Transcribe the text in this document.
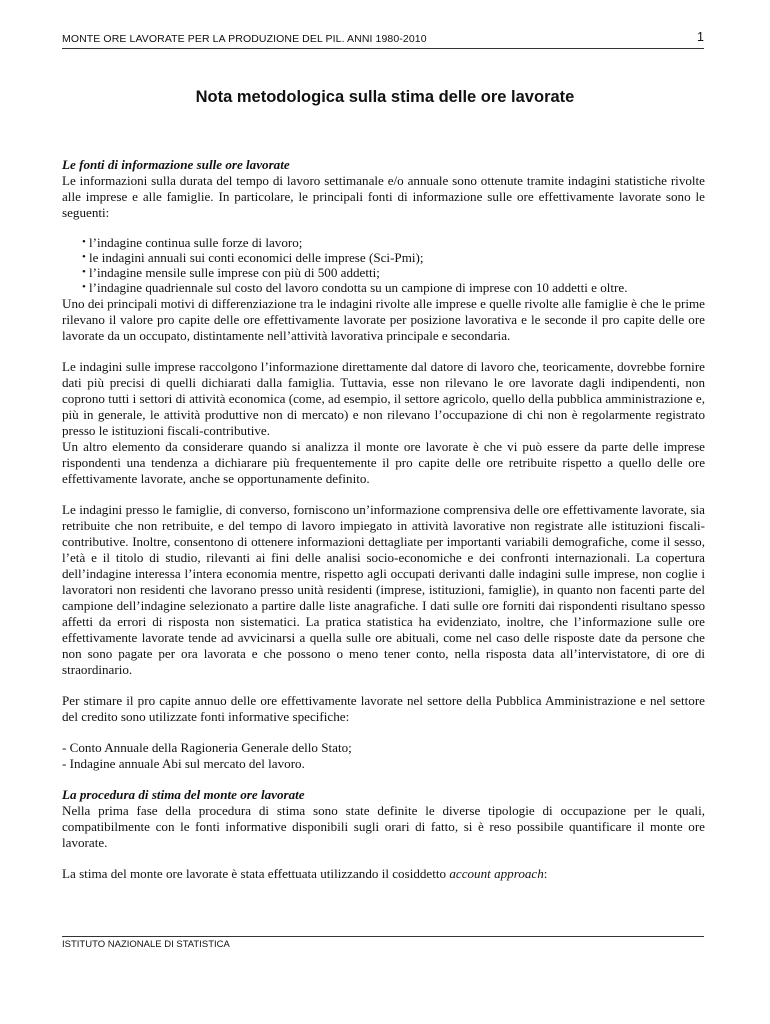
MONTE ORE LAVORATE PER LA PRODUZIONE DEL PIL. ANNI 1980-2010	1
Nota metodologica sulla stima delle ore lavorate

Le fonti di informazione sulle ore lavorate

Le informazioni sulla durata del tempo di lavoro settimanale e/o annuale sono ottenute tramite indagini statistiche rivolte alle imprese e alle famiglie. In particolare, le principali fonti di informazione sulle ore effettivamente lavorate sono le seguenti:

• l’indagine continua sulle forze di lavoro;
• le indagini annuali sui conti economici delle imprese (Sci-Pmi);
• l’indagine mensile sulle imprese con più di 500 addetti;
• l’indagine quadriennale sul costo del lavoro condotta su un campione di imprese con 10 addetti e oltre.

Uno dei principali motivi di differenziazione tra le indagini rivolte alle imprese e quelle rivolte alle famiglie è che le prime rilevano il valore pro capite delle ore effettivamente lavorate per posizione lavorativa e le seconde il pro capite delle ore lavorate da un occupato, distintamente nell’attività lavorativa principale e secondaria.

Le indagini sulle imprese raccolgono l’informazione direttamente dal datore di lavoro che, teoricamente, dovrebbe fornire dati più precisi di quelli dichiarati dalla famiglia. Tuttavia, esse non rilevano le ore lavorate dagli indipendenti, non coprono tutti i settori di attività economica (come, ad esempio, il settore agricolo, quello della pubblica amministrazione e, più in generale, le attività produttive non di mercato) e non rilevano l’occupazione di chi non è regolarmente registrato presso le istituzioni fiscali-contributive.

Un altro elemento da considerare quando si analizza il monte ore lavorate è che vi può essere da parte delle imprese rispondenti una tendenza a dichiarare più frequentemente il pro capite delle ore retribuite rispetto a quello delle ore effettivamente lavorate, anche se opportunamente definito.

Le indagini presso le famiglie, di converso, forniscono un’informazione comprensiva delle ore effettivamente lavorate, sia retribuite che non retribuite, e del tempo di lavoro impiegato in attività lavorative non registrate alle istituzioni fiscali-contributive. Inoltre, consentono di ottenere informazioni dettagliate per importanti variabili demografiche, come il sesso, l’età e il titolo di studio, rilevanti ai fini delle analisi socio-economiche e dei confronti internazionali. La copertura dell’indagine interessa l’intera economia mentre, rispetto agli occupati derivanti dalle indagini sulle imprese, non coglie i lavoratori non residenti che lavorano presso unità residenti (imprese, istituzioni, famiglie), in quanto non facenti parte del campione dell’indagine selezionato a partire dalle liste anagrafiche. I dati sulle ore forniti dai rispondenti risultano spesso affetti da errori di risposta non sistematici. La pratica statistica ha evidenziato, inoltre, che l’informazione sulle ore effettivamente lavorate tende ad avvicinarsi a quella sulle ore abituali, come nel caso delle risposte date da persone che non sono pagate per ora lavorata e che possono o meno tener conto, nella risposta data all’intervistatore, di ore di straordinario.

Per stimare il pro capite annuo delle ore effettivamente lavorate nel settore della Pubblica Amministrazione e nel settore del credito sono utilizzate fonti informative specifiche:

- Conto Annuale della Ragioneria Generale dello Stato;

- Indagine annuale Abi sul mercato del lavoro.

La procedura di stima del monte ore lavorate

Nella prima fase della procedura di stima sono state definite le diverse tipologie di occupazione per le quali, compatibilmente con le fonti informative disponibili sugli orari di fatto, si è reso possibile quantificare il monte ore lavorate.

La stima del monte ore lavorate è stata effettuata utilizzando il cosiddetto account approach:

ISTITUTO NAZIONALE DI STATISTICA
